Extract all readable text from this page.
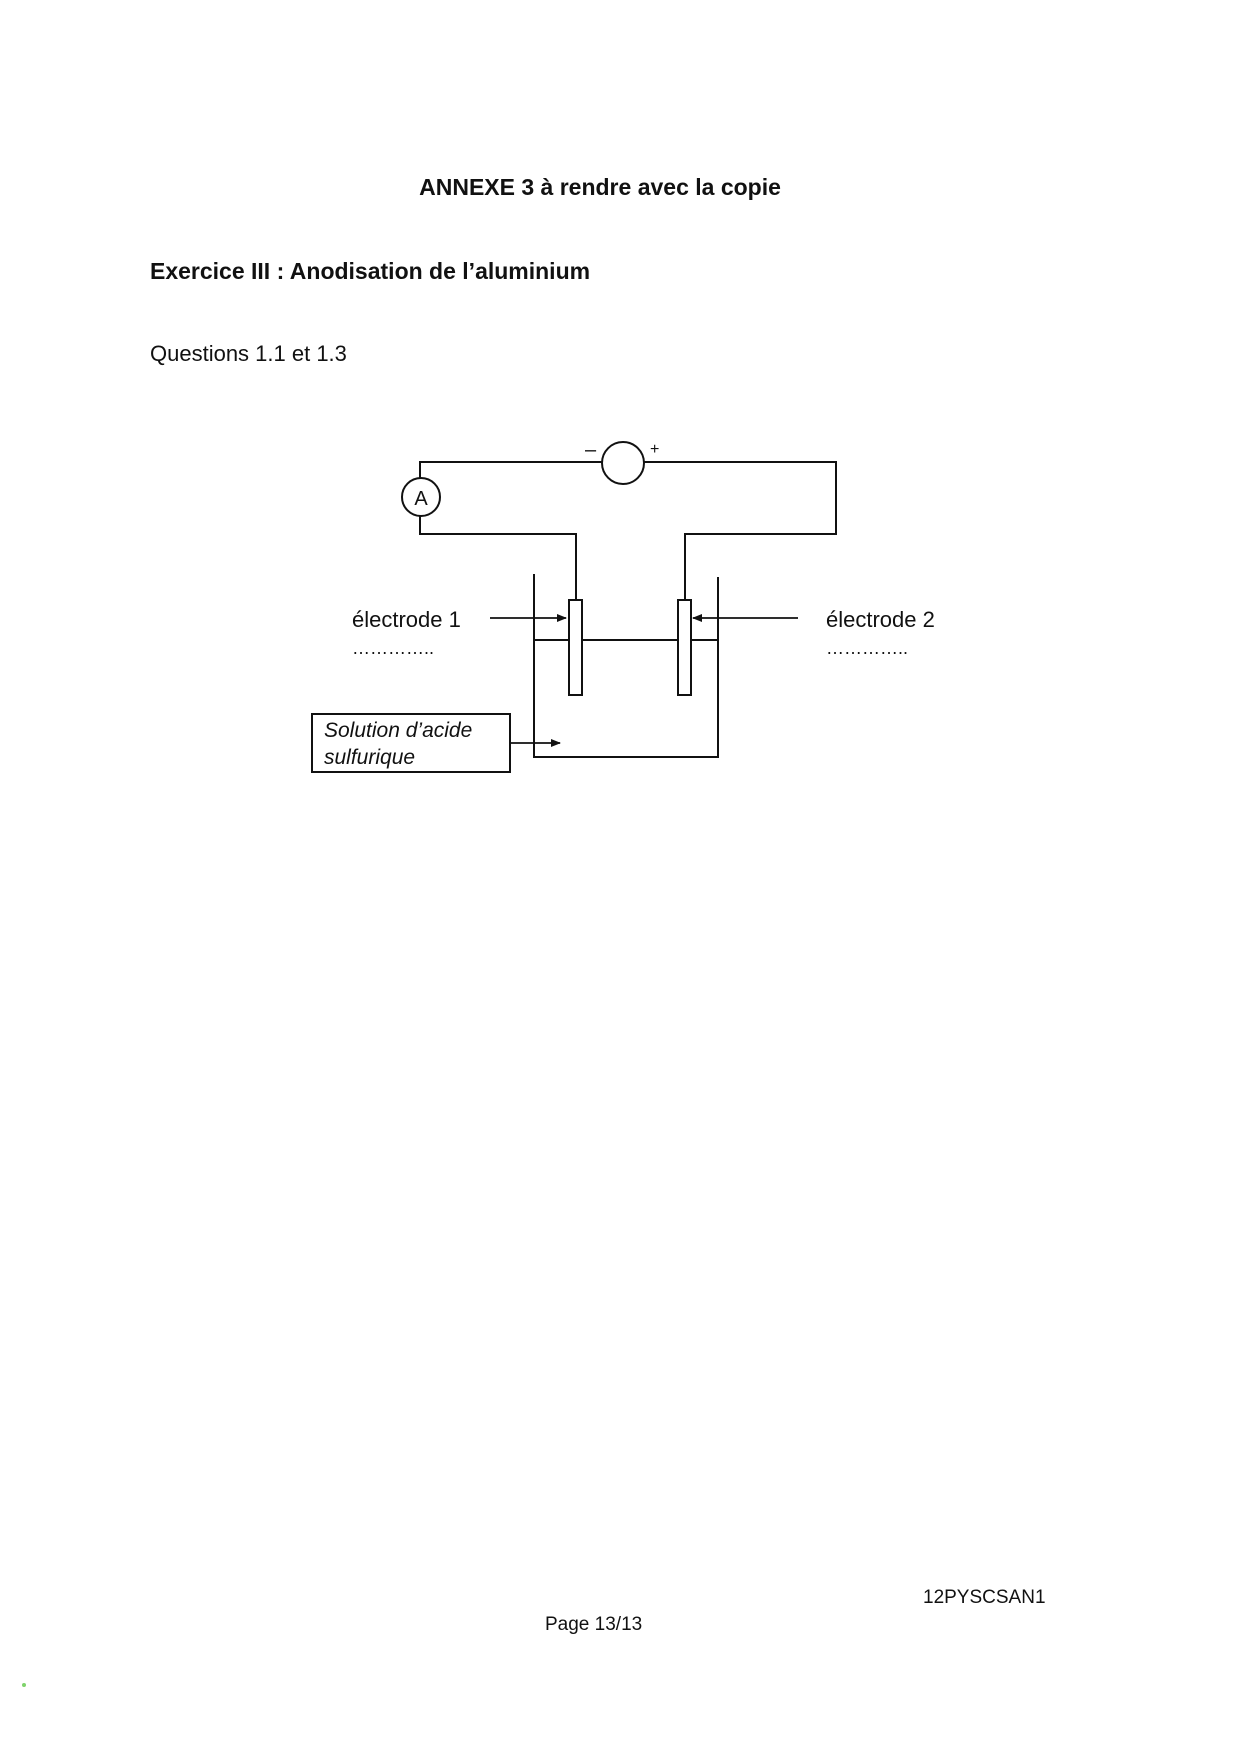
ANNEXE 3 à rendre avec la copie
Exercice III : Anodisation de l’aluminium
Questions 1.1 et 1.3
–	+
A
électrode 1
…………..
électrode 2
…………..
Solution d’acide
sulfurique
12PYSCSAN1
Page 13/13
